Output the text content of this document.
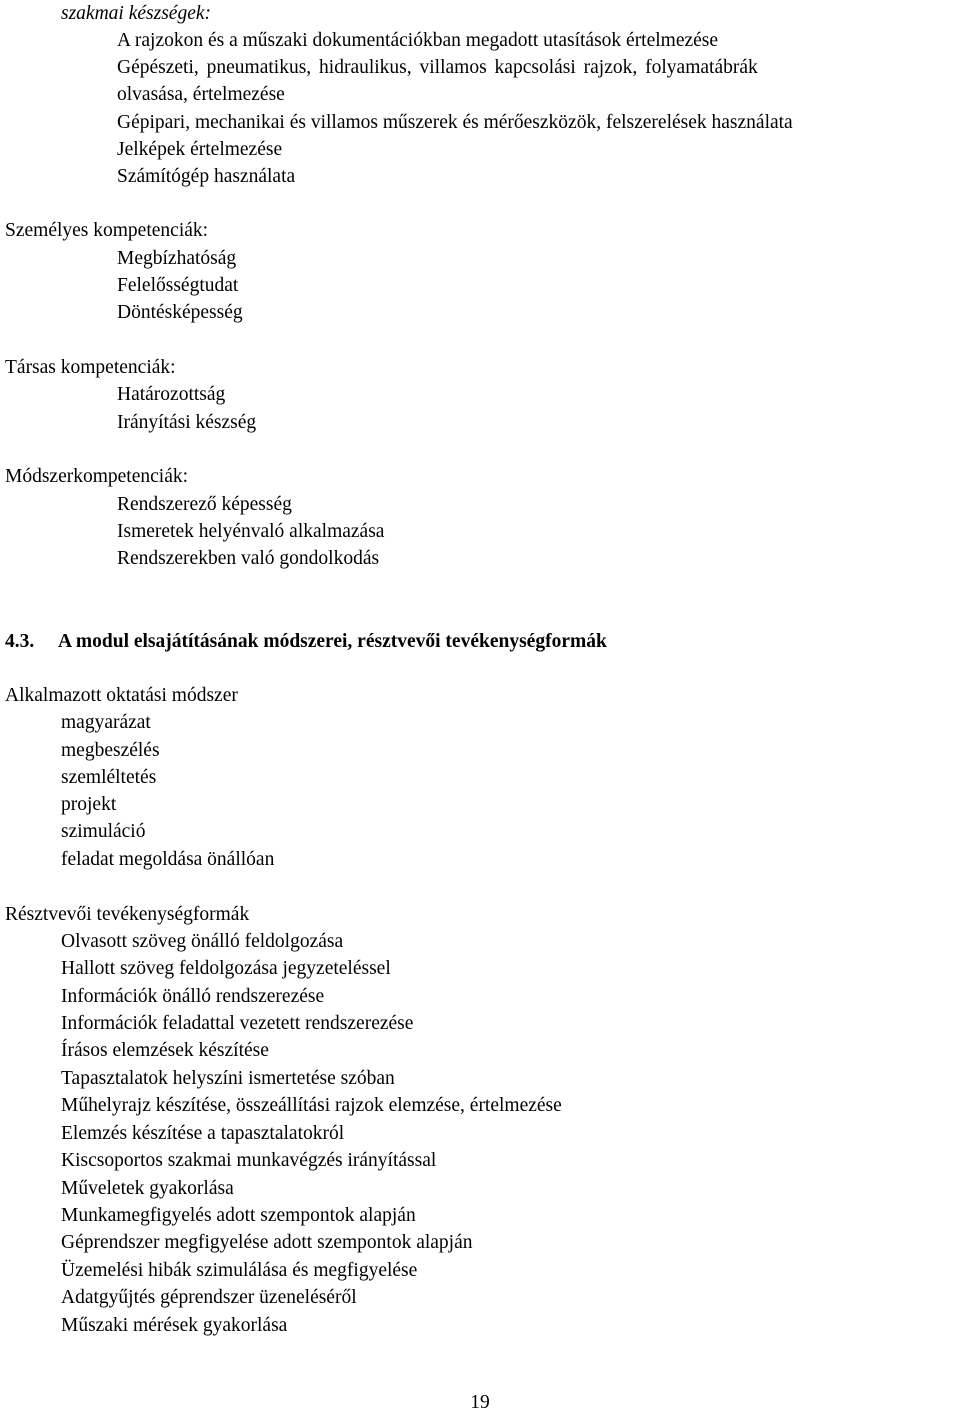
szakmai készségek:
A rajzokon és a műszaki dokumentációkban megadott utasítások értelmezése
Gépészeti, pneumatikus, hidraulikus, villamos kapcsolási rajzok, folyamatábrák
olvasása, értelmezése
Gépipari, mechanikai és villamos műszerek és mérőeszközök, felszerelések használata
Jelképek értelmezése
Számítógép használata
Személyes kompetenciák:
Megbízhatóság
Felelősségtudat
Döntésképesség
Társas kompetenciák:
Határozottság
Irányítási készség
Módszerkompetenciák:
Rendszerező képesség
Ismeretek helyénvaló alkalmazása
Rendszerekben való gondolkodás
4.3. A modul elsajátításának módszerei, résztvevői tevékenységformák
Alkalmazott oktatási módszer
magyarázat
megbeszélés
szemléltetés
projekt
szimuláció
feladat megoldása önállóan
Résztvevői tevékenységformák
Olvasott szöveg önálló feldolgozása
Hallott szöveg feldolgozása jegyzeteléssel
Információk önálló rendszerezése
Információk feladattal vezetett rendszerezése
Írásos elemzések készítése
Tapasztalatok helyszíni ismertetése szóban
Műhelyrajz készítése, összeállítási rajzok elemzése, értelmezése
Elemzés készítése a tapasztalatokról
Kiscsoportos szakmai munkavégzés irányítással
Műveletek gyakorlása
Munkamegfigyelés adott szempontok alapján
Géprendszer megfigyelése adott szempontok alapján
Üzemelési hibák szimulálása és megfigyelése
Adatgyűjtés géprendszer üzeneléséről
Műszaki mérések gyakorlása
19
